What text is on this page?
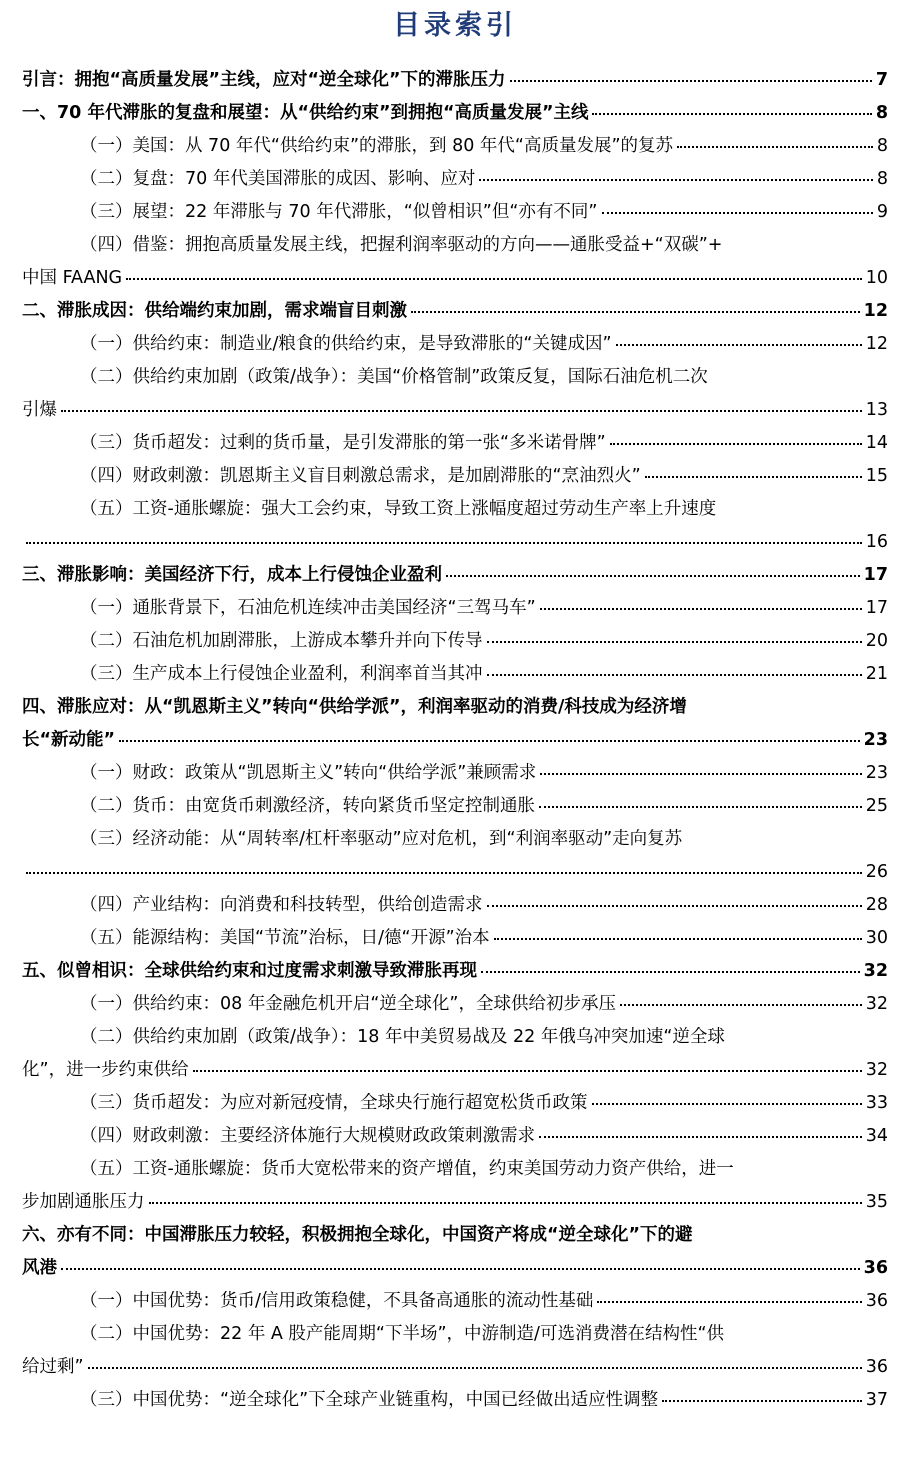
目录索引
引言：拥抱“高质量发展”主线，应对“逆全球化”下的滞胀压力	7
一、70 年代滞胀的复盘和展望：从“供给约束”到拥抱“高质量发展”主线	8
（一）美国：从 70 年代“供给约束”的滞胀，到 80 年代“高质量发展”的复苏	8
（二）复盘：70 年代美国滞胀的成因、影响、应对	8
（三）展望：22 年滞胀与 70 年代滞胀，“似曾相识”但“亦有不同”	9
（四）借鉴：拥抱高质量发展主线，把握利润率驱动的方向——通胀受益+“双碳”+
中国 FAANG	10
二、滞胀成因：供给端约束加剧，需求端盲目刺激	12
（一）供给约束：制造业/粮食的供给约束，是导致滞胀的“关键成因”	12
（二）供给约束加剧（政策/战争）：美国“价格管制”政策反复，国际石油危机二次
引爆	13
（三）货币超发：过剩的货币量，是引发滞胀的第一张“多米诺骨牌”	14
（四）财政刺激：凯恩斯主义盲目刺激总需求，是加剧滞胀的“烹油烈火”	15
（五）工资-通胀螺旋：强大工会约束，导致工资上涨幅度超过劳动生产率上升速度
16
三、滞胀影响：美国经济下行，成本上行侵蚀企业盈利	17
（一）通胀背景下，石油危机连续冲击美国经济“三驾马车”	17
（二）石油危机加剧滞胀，上游成本攀升并向下传导	20
（三）生产成本上行侵蚀企业盈利，利润率首当其冲	21
四、滞胀应对：从“凯恩斯主义”转向“供给学派”，利润率驱动的消费/科技成为经济增
长“新动能”	23
（一）财政：政策从“凯恩斯主义”转向“供给学派”兼顾需求	23
（二）货币：由宽货币刺激经济，转向紧货币坚定控制通胀	25
（三）经济动能：从“周转率/杠杆率驱动”应对危机，到“利润率驱动”走向复苏
26
（四）产业结构：向消费和科技转型，供给创造需求	28
（五）能源结构：美国“节流”治标，日/德“开源”治本	30
五、似曾相识：全球供给约束和过度需求刺激导致滞胀再现	32
（一）供给约束：08 年金融危机开启“逆全球化”，全球供给初步承压	32
（二）供给约束加剧（政策/战争）：18 年中美贸易战及 22 年俄乌冲突加速“逆全球
化”，进一步约束供给	32
（三）货币超发：为应对新冠疫情，全球央行施行超宽松货币政策	33
（四）财政刺激：主要经济体施行大规模财政政策刺激需求	34
（五）工资-通胀螺旋：货币大宽松带来的资产增值，约束美国劳动力资产供给，进一
步加剧通胀压力	35
六、亦有不同：中国滞胀压力较轻，积极拥抱全球化，中国资产将成“逆全球化”下的避
风港	36
（一）中国优势：货币/信用政策稳健，不具备高通胀的流动性基础	36
（二）中国优势：22 年 A 股产能周期“下半场”，中游制造/可选消费潜在结构性“供
给过剩”	36
（三）中国优势：“逆全球化”下全球产业链重构，中国已经做出适应性调整	37
